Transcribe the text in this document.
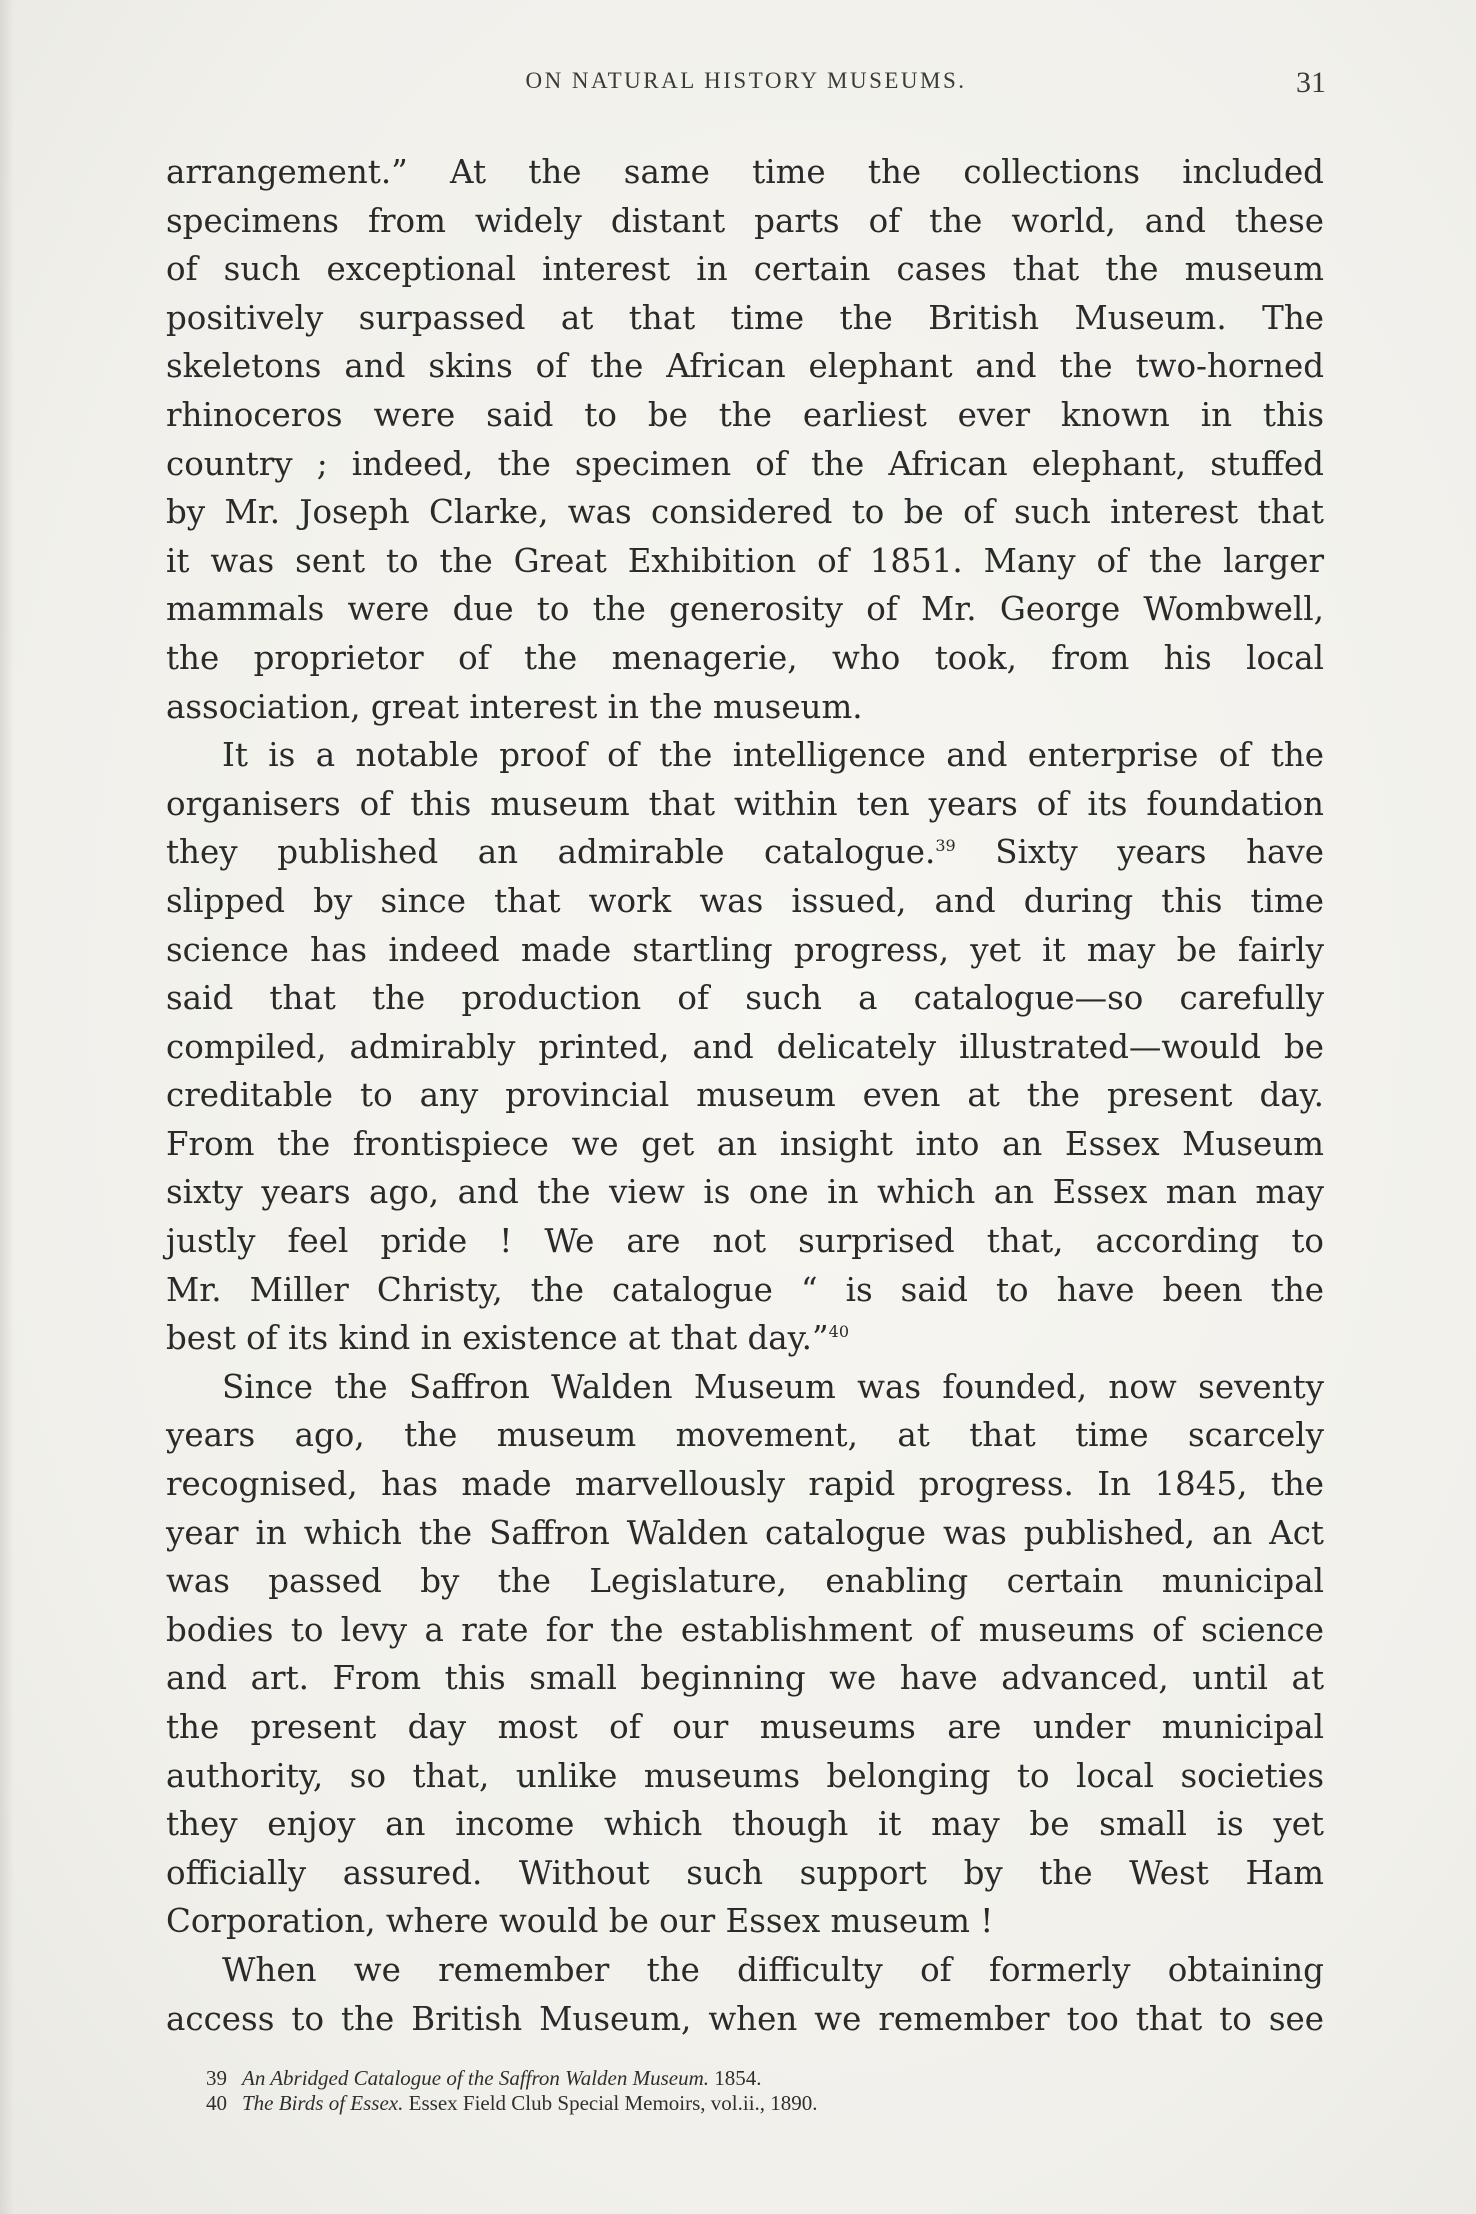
ON NATURAL HISTORY MUSEUMS.	31
arrangement.” At the same time the collections included
specimens from widely distant parts of the world, and these
of such exceptional interest in certain cases that the museum
positively surpassed at that time the British Museum. The
skeletons and skins of the African elephant and the two-horned
rhinoceros were said to be the earliest ever known in this
country ; indeed, the specimen of the African elephant, stuffed
by Mr. Joseph Clarke, was considered to be of such interest that
it was sent to the Great Exhibition of 1851. Many of the larger
mammals were due to the generosity of Mr. George Wombwell,
the proprietor of the menagerie, who took, from his local
association, great interest in the museum.
It is a notable proof of the intelligence and enterprise of the
organisers of this museum that within ten years of its foundation
they published an admirable catalogue.$^{39}$ Sixty years have
slipped by since that work was issued, and during this time
science has indeed made startling progress, yet it may be fairly
said that the production of such a catalogue—so carefully
compiled, admirably printed, and delicately illustrated—would be
creditable to any provincial museum even at the present day.
From the frontispiece we get an insight into an Essex Museum
sixty years ago, and the view is one in which an Essex man may
justly feel pride ! We are not surprised that, according to
Mr. Miller Christy, the catalogue “ is said to have been the
best of its kind in existence at that day.”$^{40}$
Since the Saffron Walden Museum was founded, now seventy
years ago, the museum movement, at that time scarcely
recognised, has made marvellously rapid progress. In 1845, the
year in which the Saffron Walden catalogue was published, an Act
was passed by the Legislature, enabling certain municipal
bodies to levy a rate for the establishment of museums of science
and art. From this small beginning we have advanced, until at
the present day most of our museums are under municipal
authority, so that, unlike museums belonging to local societies
they enjoy an income which though it may be small is yet
officially assured. Without such support by the West Ham
Corporation, where would be our Essex museum !
When we remember the difficulty of formerly obtaining
access to the British Museum, when we remember too that to see
39 An Abridged Catalogue of the Saffron Walden Museum. 1854.
40 The Birds of Essex. Essex Field Club Special Memoirs, vol.ii., 1890.
